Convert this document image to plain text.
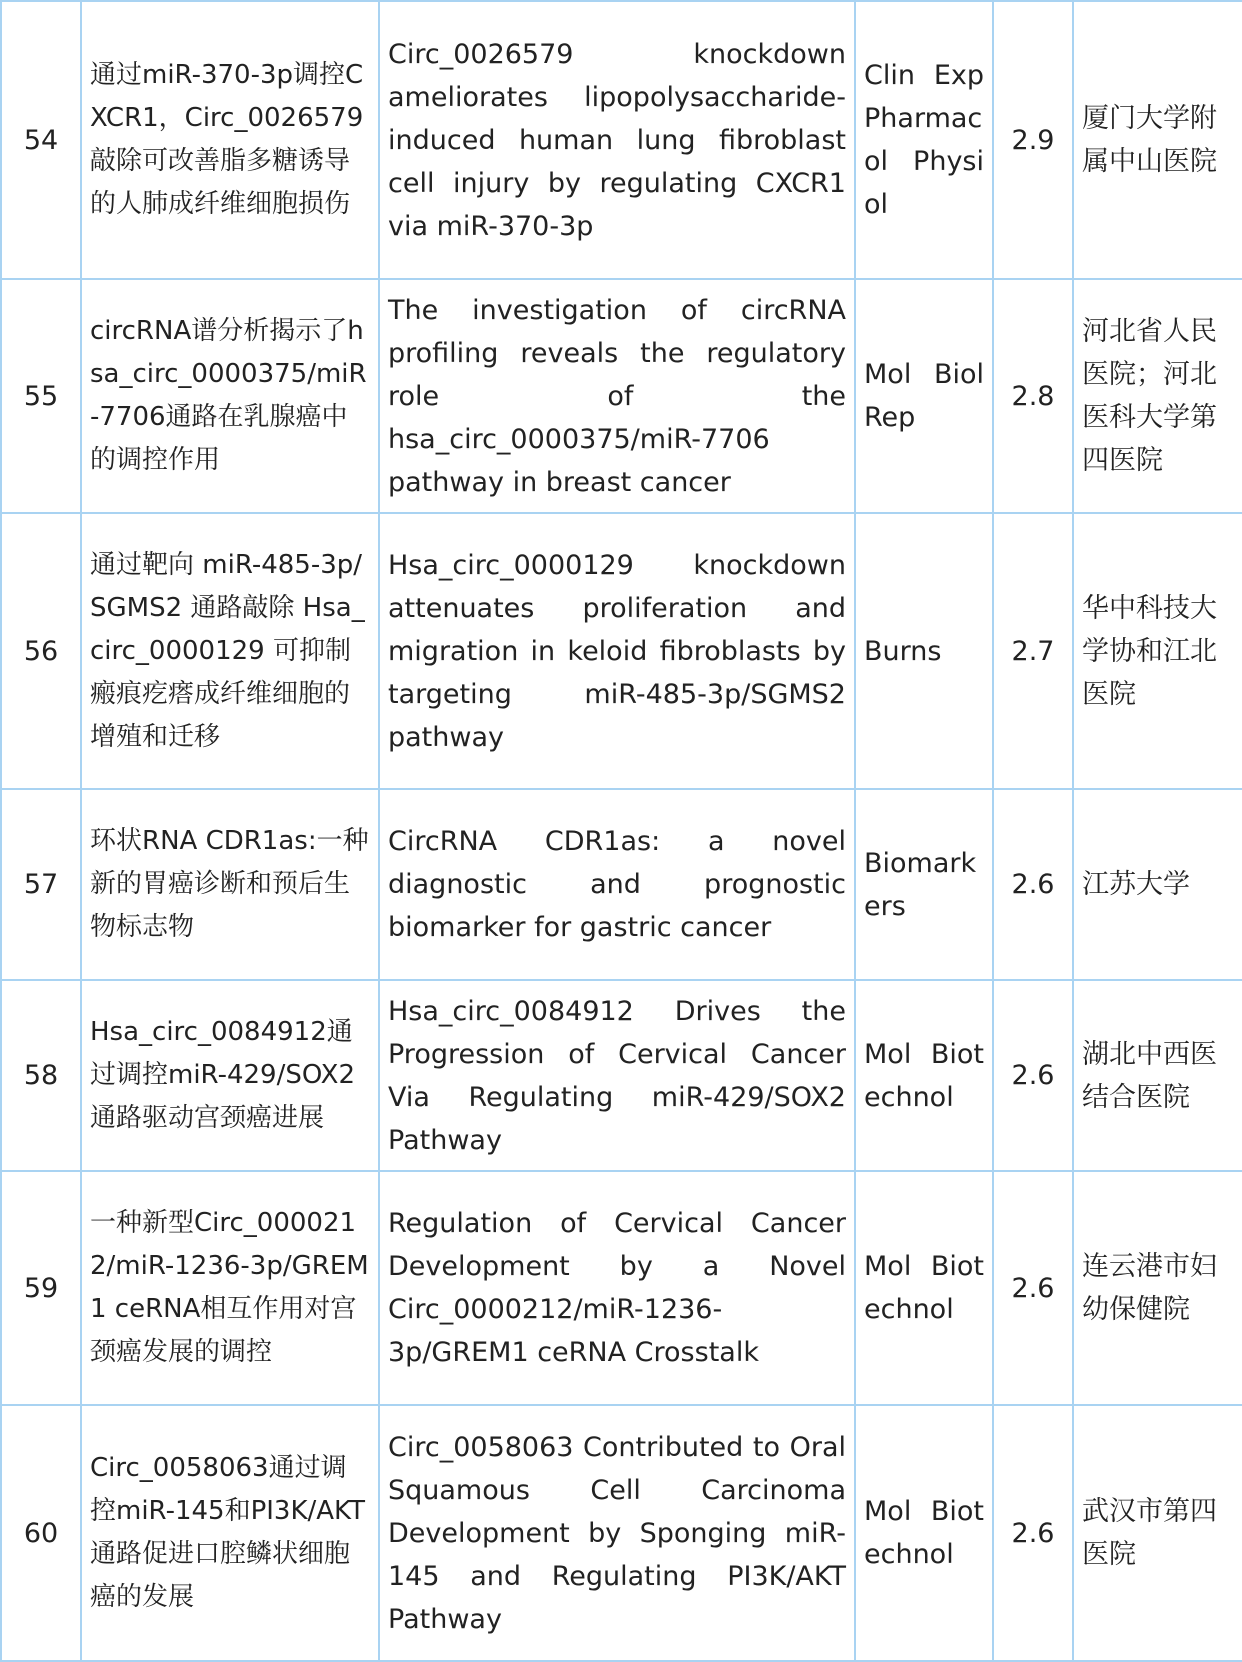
54	通过miR-370-3p调控CXCR1，Circ_0026579敲除可改善脂多糖诱导的人肺成纤维细胞损伤	Circ_0026579 knockdown ameliorates lipopolysaccharide-induced human lung fibroblast cell injury by regulating CXCR1 via miR-370-3p	Clin Exp Pharmacol Physiol	2.9	厦门大学附属中山医院
55	circRNA谱分析揭示了hsa_circ_0000375/miR-7706通路在乳腺癌中的调控作用	The investigation of circRNA profiling reveals the regulatory role of the hsa_circ_0000375/miR-7706 pathway in breast cancer	Mol Biol Rep	2.8	河北省人民医院；河北医科大学第四医院
56	通过靶向 miR-485-3p/SGMS2 通路敲除 Hsa_circ_0000129 可抑制瘢痕疙瘩成纤维细胞的增殖和迁移	Hsa_circ_0000129 knockdown attenuates proliferation and migration in keloid fibroblasts by targeting miR-485-3p/SGMS2 pathway	Burns	2.7	华中科技大学协和江北医院
57	环状RNA CDR1as:一种新的胃癌诊断和预后生物标志物	CircRNA CDR1as: a novel diagnostic and prognostic biomarker for gastric cancer	Biomarkers	2.6	江苏大学
58	Hsa_circ_0084912通过调控miR-429/SOX2通路驱动宫颈癌进展	Hsa_circ_0084912 Drives the Progression of Cervical Cancer Via Regulating miR-429/SOX2 Pathway	Mol Biotechnol	2.6	湖北中西医结合医院
59	一种新型Circ_0000212/miR-1236-3p/GREM1 ceRNA相互作用对宫颈癌发展的调控	Regulation of Cervical Cancer Development by a Novel Circ_0000212/miR-1236-3p/GREM1 ceRNA Crosstalk	Mol Biotechnol	2.6	连云港市妇幼保健院
60	Circ_0058063通过调控miR-145和PI3K/AKT通路促进口腔鳞状细胞癌的发展	Circ_0058063 Contributed to Oral Squamous Cell Carcinoma Development by Sponging miR-145 and Regulating PI3K/AKT Pathway	Mol Biotechnol	2.6	武汉市第四医院
